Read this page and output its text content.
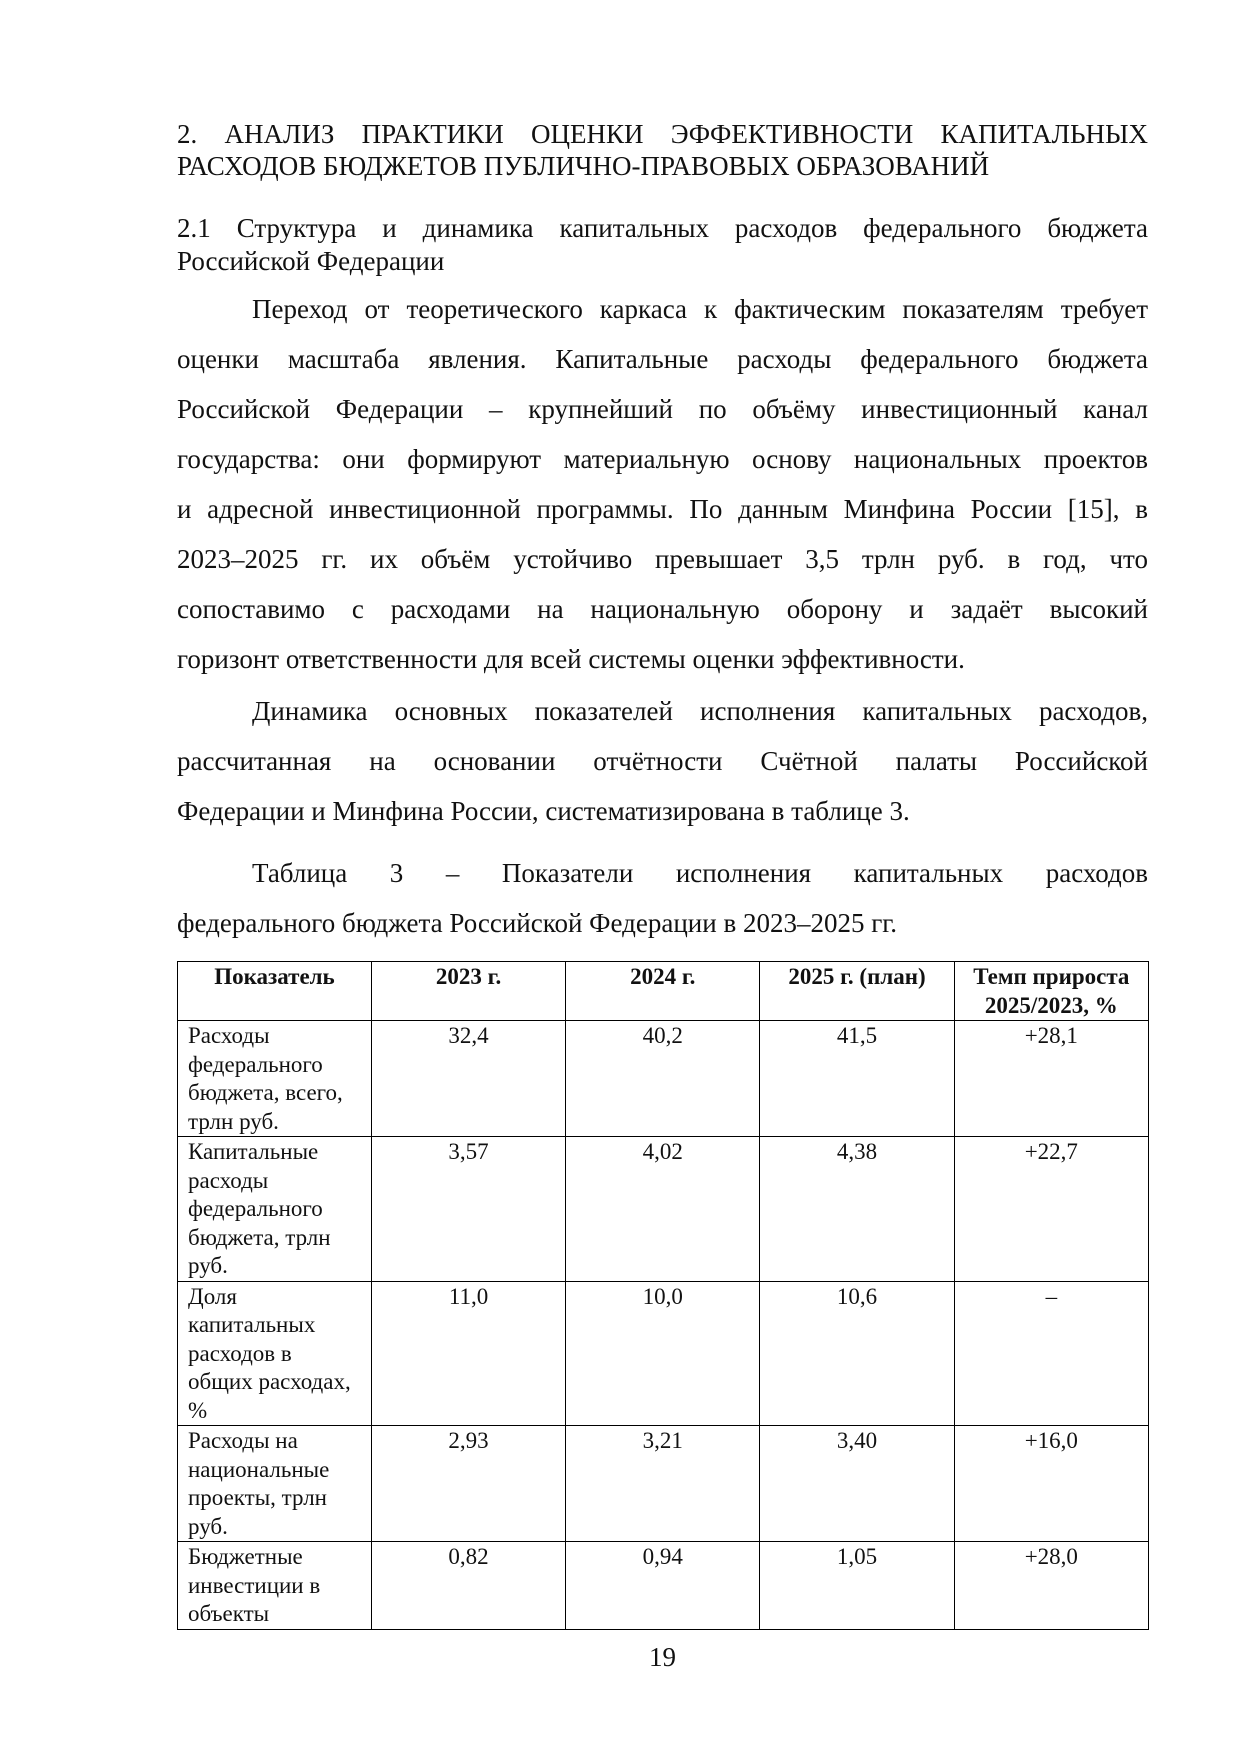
2. АНАЛИЗ ПРАКТИКИ ОЦЕНКИ ЭФФЕКТИВНОСТИ КАПИТАЛЬНЫХ
РАСХОДОВ БЮДЖЕТОВ ПУБЛИЧНО-ПРАВОВЫХ ОБРАЗОВАНИЙ
2.1 Структура и динамика капитальных расходов федерального бюджета
Российской Федерации

Переход от теоретического каркаса к фактическим показателям требует
оценки масштаба явления. Капитальные расходы федерального бюджета
Российской Федерации – крупнейший по объёму инвестиционный канал
государства: они формируют материальную основу национальных проектов
и адресной инвестиционной программы. По данным Минфина России [15], в
2023–2025 гг. их объём устойчиво превышает 3,5 трлн руб. в год, что
сопоставимо с расходами на национальную оборону и задаёт высокий
горизонт ответственности для всей системы оценки эффективности.

Динамика основных показателей исполнения капитальных расходов,
рассчитанная на основании отчётности Счётной палаты Российской
Федерации и Минфина России, систематизирована в таблице 3.

Таблица 3 – Показатели исполнения капитальных расходов
федерального бюджета Российской Федерации в 2023–2025 гг.

Показатель	2023 г.	2024 г.	2025 г. (план)	Темп прироста 2025/2023, %
Расходы федерального бюджета, всего, трлн руб.	32,4	40,2	41,5	+28,1
Капитальные расходы федерального бюджета, трлн руб.	3,57	4,02	4,38	+22,7
Доля капитальных расходов в общих расходах, %	11,0	10,0	10,6	–
Расходы на национальные проекты, трлн руб.	2,93	3,21	3,40	+16,0
Бюджетные инвестиции в объекты	0,82	0,94	1,05	+28,0
19
